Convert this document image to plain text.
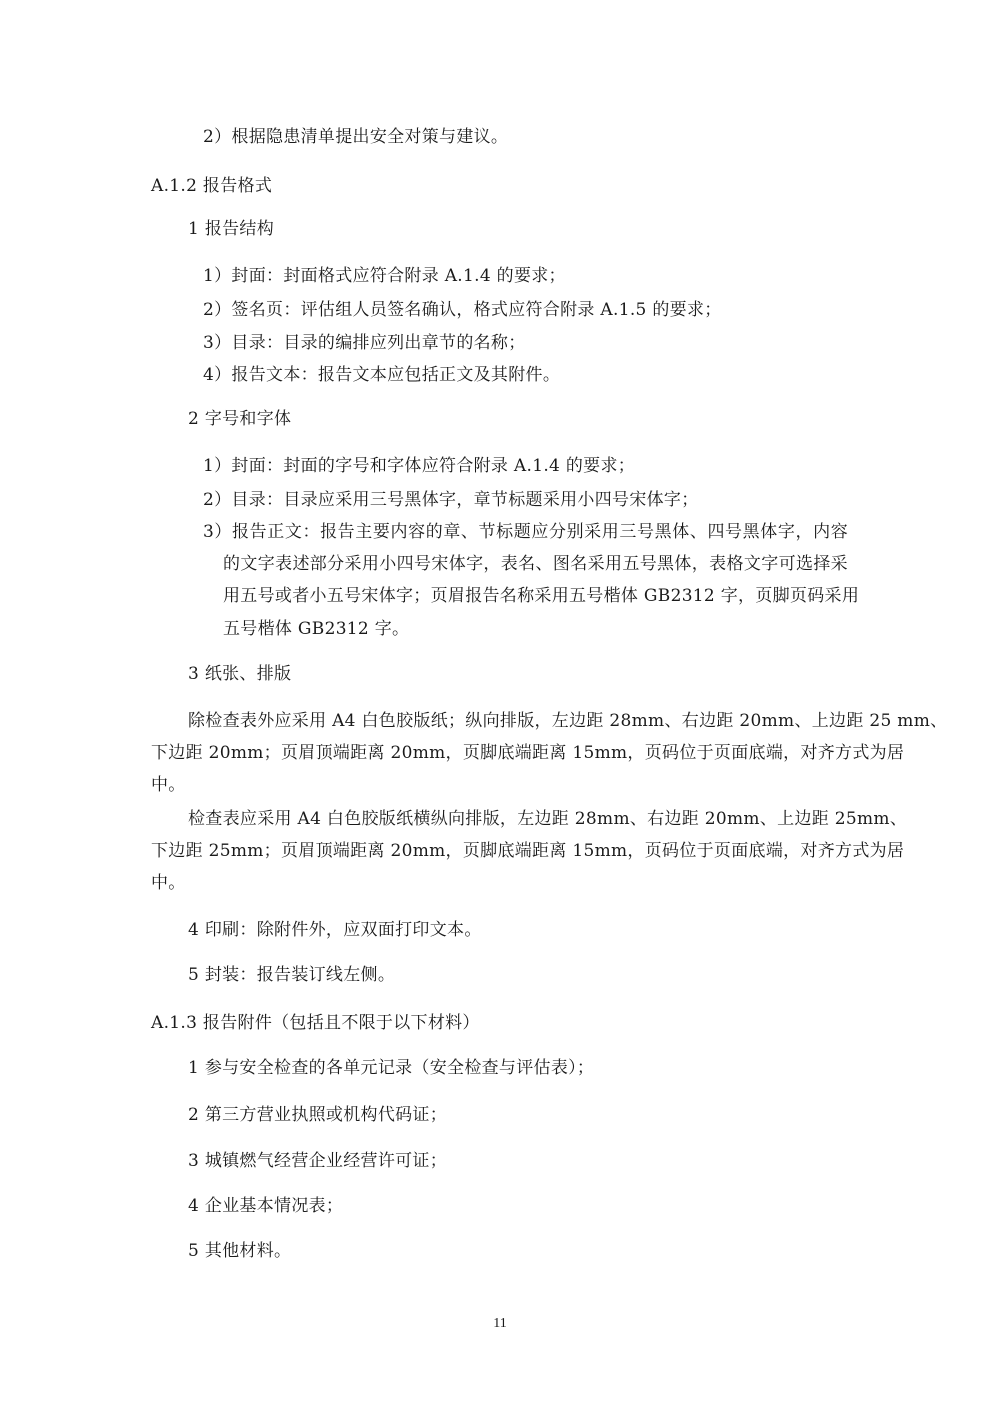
2）根据隐患清单提出安全对策与建议。
A.1.2 报告格式
1 报告结构
1）封面：封面格式应符合附录 A.1.4 的要求；
2）签名页：评估组人员签名确认，格式应符合附录 A.1.5 的要求；
3）目录：目录的编排应列出章节的名称；
4）报告文本：报告文本应包括正文及其附件。
2 字号和字体
1）封面：封面的字号和字体应符合附录 A.1.4 的要求；
2）目录：目录应采用三号黑体字，章节标题采用小四号宋体字；
3）报告正文：报告主要内容的章、节标题应分别采用三号黑体、四号黑体字，内容
的文字表述部分采用小四号宋体字，表名、图名采用五号黑体，表格文字可选择采
用五号或者小五号宋体字；页眉报告名称采用五号楷体 GB2312 字，页脚页码采用
五号楷体 GB2312 字。
3 纸张、排版
除检查表外应采用 A4 白色胶版纸；纵向排版，左边距 28mm、右边距 20mm、上边距 25 mm、
下边距 20mm；页眉顶端距离 20mm，页脚底端距离 15mm，页码位于页面底端，对齐方式为居
中。
检查表应采用 A4 白色胶版纸横纵向排版，左边距 28mm、右边距 20mm、上边距 25mm、
下边距 25mm；页眉顶端距离 20mm，页脚底端距离 15mm，页码位于页面底端，对齐方式为居
中。
4 印刷：除附件外，应双面打印文本。
5 封装：报告装订线左侧。
A.1.3 报告附件（包括且不限于以下材料）
1 参与安全检查的各单元记录（安全检查与评估表）；
2 第三方营业执照或机构代码证；
3 城镇燃气经营企业经营许可证；
4 企业基本情况表；
5 其他材料。
11
